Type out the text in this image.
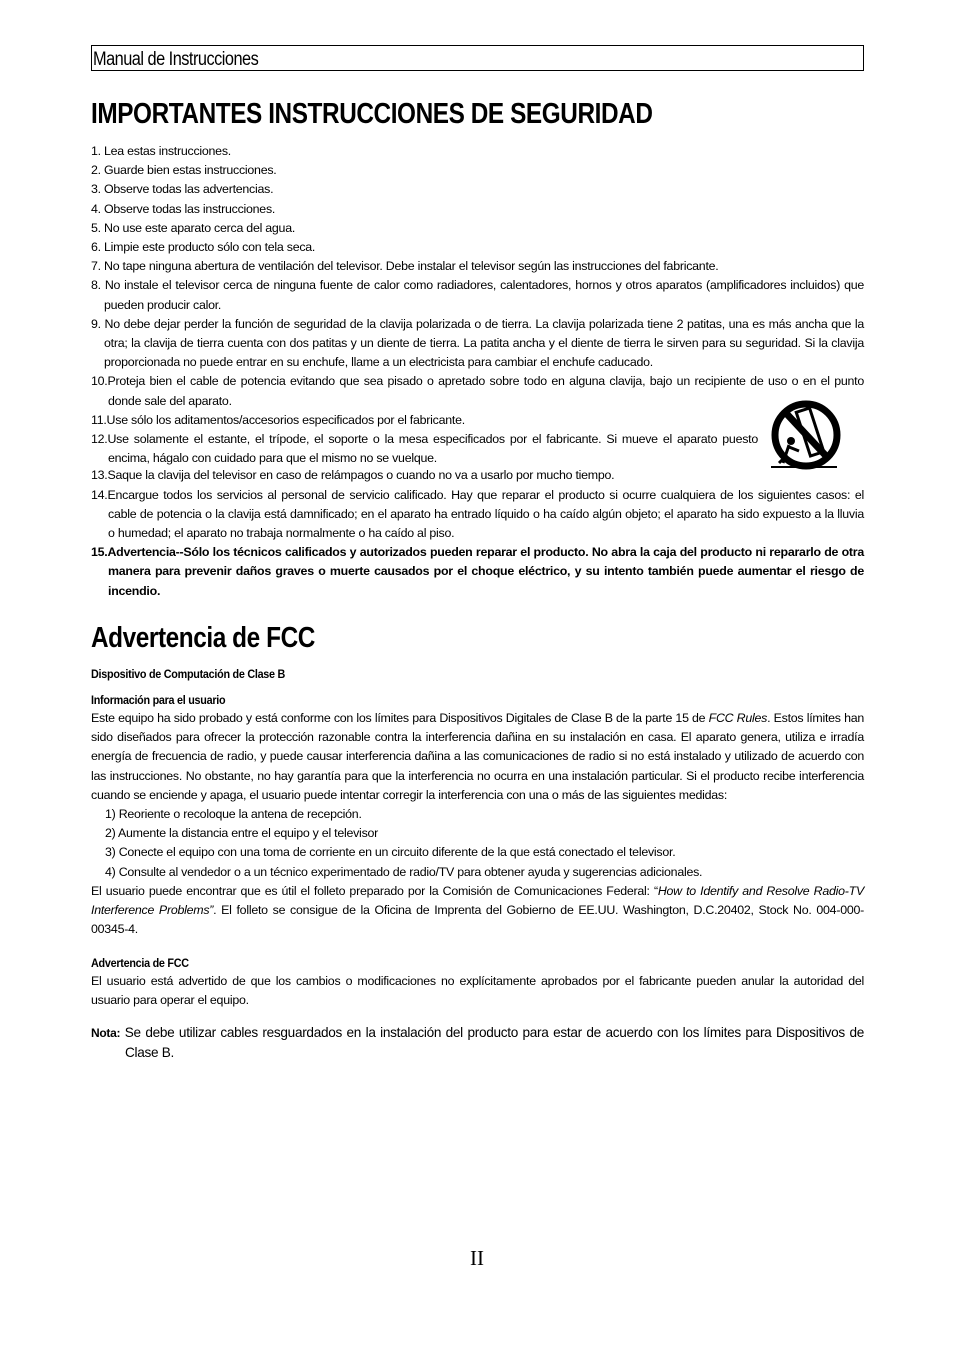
Manual de Instrucciones
IMPORTANTES INSTRUCCIONES DE SEGURIDAD
1. Lea estas instrucciones.
2. Guarde bien estas instrucciones.
3. Observe todas las advertencias.
4. Observe todas las instrucciones.
5. No use este aparato cerca del agua.
6. Limpie este producto sólo con tela seca.
7. No tape ninguna abertura de ventilación del televisor. Debe instalar el televisor según las instrucciones del fabricante.
8. No instale el televisor cerca de ninguna fuente de calor como radiadores, calentadores, hornos y otros aparatos (amplificadores incluidos) que pueden producir calor.
9. No debe dejar perder la función de seguridad de la clavija polarizada o de tierra. La clavija polarizada tiene 2 patitas, una es más ancha que la otra; la clavija de tierra cuenta con dos patitas y un diente de tierra. La patita ancha y el diente de tierra le sirven para su seguridad. Si la clavija proporcionada no puede entrar en su enchufe, llame a un electricista para cambiar el enchufe caducado.
10.Proteja bien el cable de potencia evitando que sea pisado o apretado sobre todo en alguna clavija, bajo un recipiente de uso o en el punto donde sale del aparato.
11.Use sólo los aditamentos/accesorios especificados por el fabricante.
12.Use solamente el estante, el trípode, el soporte o la mesa especificados por el fabricante. Si mueve el aparato puesto encima, hágalo con cuidado para que el mismo no se vuelque.
13.Saque la clavija del televisor en caso de relámpagos o cuando no va a usarlo por mucho tiempo.
14.Encargue todos los servicios al personal de servicio calificado. Hay que reparar el producto si ocurre cualquiera de los siguientes casos: el cable de potencia o la clavija está damnificado; en el aparato ha entrado líquido o ha caído algún objeto; el aparato ha sido expuesto a la lluvia o humedad; el aparato no trabaja normalmente o ha caído al piso.
15.Advertencia--Sólo los técnicos calificados y autorizados pueden reparar el producto. No abra la caja del producto ni repararlo de otra manera para prevenir daños graves o muerte causados por el choque eléctrico, y su intento también puede aumentar el riesgo de incendio.
Advertencia de FCC
Dispositivo de Computación de Clase B
Información para el usuario
Este equipo ha sido probado y está conforme con los límites para Dispositivos Digitales de Clase B de la parte 15 de FCC Rules. Estos límites han sido diseñados para ofrecer la protección razonable contra la interferencia dañina en su instalación en casa. El aparato genera, utiliza e irradía energía de frecuencia de radio, y puede causar interferencia dañina a las comunicaciones de radio si no está instalado y utilizado de acuerdo con las instrucciones. No obstante, no hay garantía para que la interferencia no ocurra en una instalación particular. Si el producto recibe interferencia cuando se enciende y apaga, el usuario puede intentar corregir la interferencia con una o más de las siguientes medidas:
1) Reoriente o recoloque la antena de recepción.
2) Aumente la distancia entre el equipo y el televisor
3) Conecte el equipo con una toma de corriente en un circuito diferente de la que está conectado el televisor.
4) Consulte al vendedor o a un técnico experimentado de radio/TV para obtener ayuda y sugerencias adicionales.
El usuario puede encontrar que es útil el folleto preparado por la Comisión de Comunicaciones Federal: “How to Identify and Resolve Radio-TV Interference Problems”. El folleto se consigue de la Oficina de Imprenta del Gobierno de EE.UU. Washington, D.C.20402, Stock No. 004-000-00345-4.
Advertencia de FCC
El usuario está advertido de que los cambios o modificaciones no explícitamente aprobados por el fabricante pueden anular la autoridad del usuario para operar el equipo.
Nota: Se debe utilizar cables resguardados en la instalación del producto para estar de acuerdo con los límites para Dispositivos de Clase B.
II
